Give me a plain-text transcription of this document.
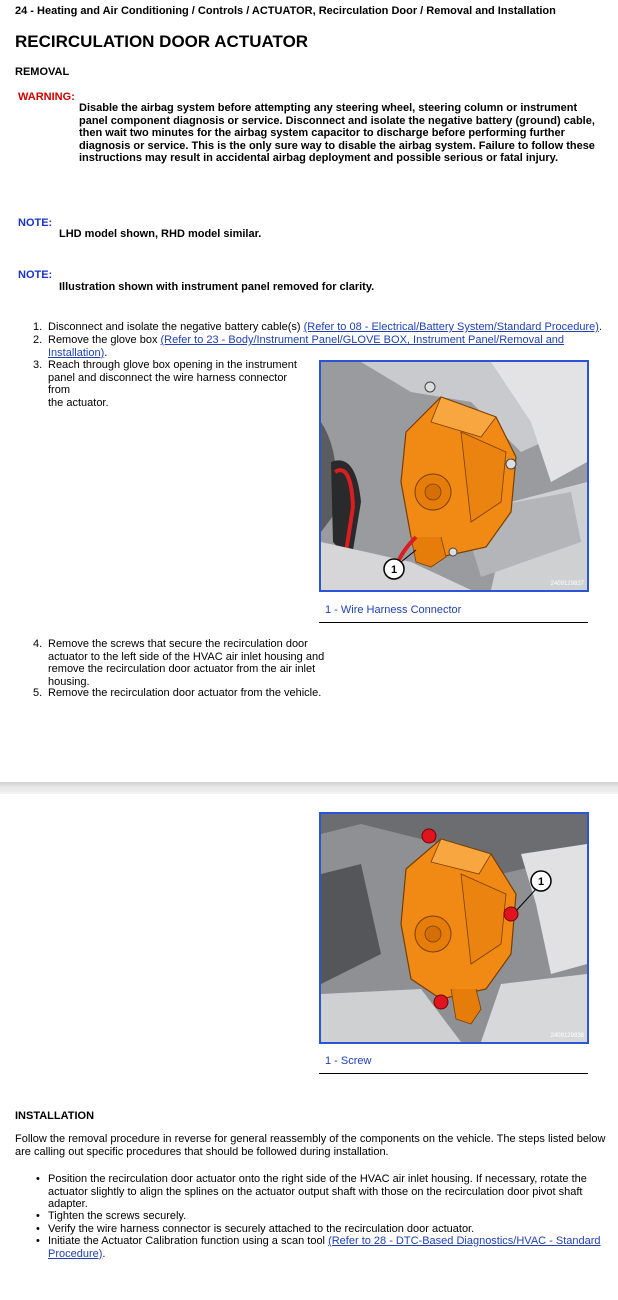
24 - Heating and Air Conditioning / Controls / ACTUATOR, Recirculation Door / Removal and Installation
RECIRCULATION DOOR ACTUATOR
REMOVAL
WARNING:
Disable the airbag system before attempting any steering wheel, steering column or instrument
panel component diagnosis or service. Disconnect and isolate the negative battery (ground) cable,
then wait two minutes for the airbag system capacitor to discharge before performing further
diagnosis or service. This is the only sure way to disable the airbag system. Failure to follow these
instructions may result in accidental airbag deployment and possible serious or fatal injury.
NOTE:
LHD model shown, RHD model similar.
NOTE:
Illustration shown with instrument panel removed for clarity.
1. Disconnect and isolate the negative battery cable(s) (Refer to 08 - Electrical/Battery System/Standard Procedure).
2. Remove the glove box (Refer to 23 - Body/Instrument Panel/GLOVE BOX, Instrument Panel/Removal and
Installation).
3. Reach through glove box opening in the instrument
panel and disconnect the wire harness connector from
the actuator.
1
2409129837
1 - Wire Harness Connector
4. Remove the screws that secure the recirculation door
actuator to the left side of the HVAC air inlet housing and
remove the recirculation door actuator from the air inlet
housing.
5. Remove the recirculation door actuator from the vehicle.
1
2409129838
1 - Screw
INSTALLATION
Follow the removal procedure in reverse for general reassembly of the components on the vehicle. The steps listed below
are calling out specific procedures that should be followed during installation.
• Position the recirculation door actuator onto the right side of the HVAC air inlet housing. If necessary, rotate the
actuator slightly to align the splines on the actuator output shaft with those on the recirculation door pivot shaft
adapter.
• Tighten the screws securely.
• Verify the wire harness connector is securely attached to the recirculation door actuator.
• Initiate the Actuator Calibration function using a scan tool (Refer to 28 - DTC-Based Diagnostics/HVAC - Standard
Procedure).
